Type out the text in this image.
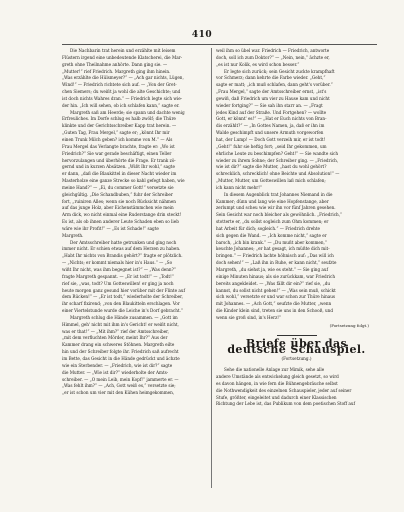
410
Die Nachbarin trat herein und erzählte mit leisem
Flüstern irgend eine unbedeutende Klatscherei, die Mar-
greth ohne Theilnahme anhörte. Dann ging sie. —
„Mutter!“ rief Friedrich. Margreth ging ihm hinein.
„Was erzählte die Hülsmeyer?“ — „Ach gar nichts, Lügen,
Wind!“ — Friedrich richtete sich auf. — „Von der Gret-
chen Siemers; du weißt ja wohl die alte Geschichte; und
ist doch nichts Wahres dran.“ — Friedrich legte sich wie-
der hin. „Ich will sehen, ob ich schlafen kann,“ sagte er.
Margreth saß am Heerde; sie spann und dachte wenig
Erfreuliches. Im Dorfe schlug es halb zwölf; die Thüre
klinkte und der Gerichtsschreiber Kapp trat herein. —
„Guten Tag, Frau Mergel,“ sagte er; „könnt Ihr mir
einen Trunk Milch geben? ich komme von M.“ — Als
Frau Mergel das Verlangte brachte, fragte er: „Wo ist
Friedrich?“ Sie war gerade beschäftigt, einen Teller
hervorzulangen und überhörte die Frage. Er trank zö-
gernd und in kurzen Absätzen. „Wißt Ihr wohl,“ sagte
er dann, „daß die Blaukittel in dieser Nacht wieder im
Masterholze eine ganze Strecke so kahl gefegt haben, wie
meine Hand?“ — „Ei, du commer Gott!“ versetzte sie
gleichgültig. „Die Schandbuben,“ fuhr der Schreiber
fort, „ruiniren Alles; wenn sie noch Rücksicht nähmen
auf das junge Holz, aber Eichenstämmchen wie mein
Arm dick, wo nicht einmal eine Ruderstange drin steckt!
Es ist, als ob ihnen anderer Leute Schaden eben so lieb
wäre wie ihr Profit!“ — „Es ist Schade!“ sagte
Margreth.
Der Amtsschreiber hatte getrunken und ging noch
immer nicht. Er schien etwas auf dem Herzen zu haben.
„Habt Ihr nichts von Brandis gehört?“ fragte er plötzlich.
— „Nichts; er kommt niemals hier in's Haus.“ — „So
wißt Ihr nicht, was ihm begegnet ist?“ — „Was denn?“
fragte Margreth gespannt. — „Er ist todt!“ — „Todt!“
rief sie, „was, todt? Um Gotteswillen! er ging ja noch
heute morgen ganz gesund hier vorüber mit der Flinte auf
dem Rücken!“ — „Er ist todt,“ wiederholte der Schreiber,
ihr scharf fixirend; „von den Blaukitteln erschlagen. Vor
einer Viertelstunde wurde die Leiche in's Dorf gebracht.“
Margreth schlug die Hände zusammen. — „Gott im
Himmel, geh' nicht mit ihm in's Gericht! er weißt nicht,
was er that!“ — „Mit ihm?“ rief der Amtsschreiber,
„mit dem verfluchten Mörder, meint Ihr?“ Aus der
Kammer drang ein schweres Stöhnen. Margreth eilte
hin und der Schreiber folgte ihr. Friedrich saß aufrecht
im Bette, das Gesicht in die Hände gedrückt und ächzte
wie ein Sterbender. — „Friedrich, wie ist dir?“ sagte
die Mutter. — „Wie ist dir?“ wiederholte der Amts-
schreiber. — „O mein Leib, mein Kopf!“ jammerte er. —
„Was fehlt ihm?“ — „Ach, Gott weiß es,“ versetzte sie;
„er ist schon um vier mit den Kühen heimgekommen,
weil ihm so übel war. Friedrich — Friedrich, antworte
doch, soll ich zum Doktor?“ — „Nein, nein,“ ächzte er,
„es ist nur Kolik, es wird schon besser.“
Er legte sich zurück; sein Gesicht zuckte krampfhaft
vor Schmerz; dann kehrte die Farbe wieder. „Geht,“
sagte er matt; „ich muß schlafen, dann geht's vorüber.“
„Frau Mergel,“ sagte der Amtsschreiber ernst, „ist's
gewiß, daß Friedrich um vier zu Hause kam und nicht
wieder fortging?“ — Sie sah ihn starr an. — „Fragt
jedes Kind auf der Straße. Und Fortgehen? — wollte
Gott, er könnt' es!“ — „Hat er Euch nichts von Bran-
dis erzählt?“ — „In Gottes Namen, ja, daß er ihn im
Walde geschimpft und unsere Armuth vorgeworfen
hat, der Lump! — Doch Gott verzeih mir, er ist todt!
„Geht!“ fuhr sie heftig fort; „seid Ihr gekommen, um
ehrliche Leute zu beschimpfen? Geht!“ — Sie wandte sich
wieder zu ihrem Sohne; der Schreiber ging. — „Friedrich,
wie ist dir?“ sagte die Mutter, „hast du wohl gehört?
schrecklich, schrecklich! ohne Beichte und Absolution!“ —
„Mutter, Mutter, um Gotteswillen laß mich schlafen;
ich kann nicht mehr!“
In diesem Augenblick trat Johannes Niemand in die
Kammer; dünn und lang wie eine Hopfenstange, aber
zerlumpt und scheu wie wir ihn vor fünf Jahren gesehen.
Sein Gesicht war noch bleicher als gewöhnlich. „Friedrich,“
stotterte er, „du sollst sogleich zum Ohm kommen; er
hat Arbeit für dich; sogleich.“ — Friedrich drehte
sich gegen die Wand. — „Ich komme nicht,“ sagte er
barsch, „ich bin krank.“ — „Du mußt aber kommen,“
keuchte Johannes; „er hat gesagt, ich müßte dich mit-
bringen.“ — Friedrich lachte höhnisch auf: „Das will ich
doch sehen!“ — „Laß ihn in Ruhe, er kann nicht,“ seufzte
Margreth, „du siehst ja, wie es steht.“ — Sie ging auf
einige Minuten hinaus; als sie zurückkam, war Friedrich
bereits angekleidet. — „Was fällt dir ein?“ rief sie, „du
kannst, du sollst nicht gehen!“ — „Was sein muß, schickt
sich wohl,“ versetzte er und war schon zur Thüre hinaus
mit Johannes. — „Ach Gott,“ seufzte die Mutter, „wenn
die Kinder klein sind, treten sie uns in den Schooß, und
wenn sie groß sind, in's Herz!“
(Fortsetzung folgt.)
Briefe über das deutsche Schauspiel.
(Fortsetzung.)
Sehe die nationelle Anlage zur Mimik, sehe alle
andere Umstände als entwickelung gleich gesetzt, so wird
es davon hängen, in wie fern die Bühnengebräuche selbst
die Nothwendigkeit des einzelnen Schauspieler, jeder auf seiner
Stufe, größter, eingeleitet und dadurch einer Klassischen
Richtung der Lebe ist, das Publikum von dem poetischen Stoff auf
